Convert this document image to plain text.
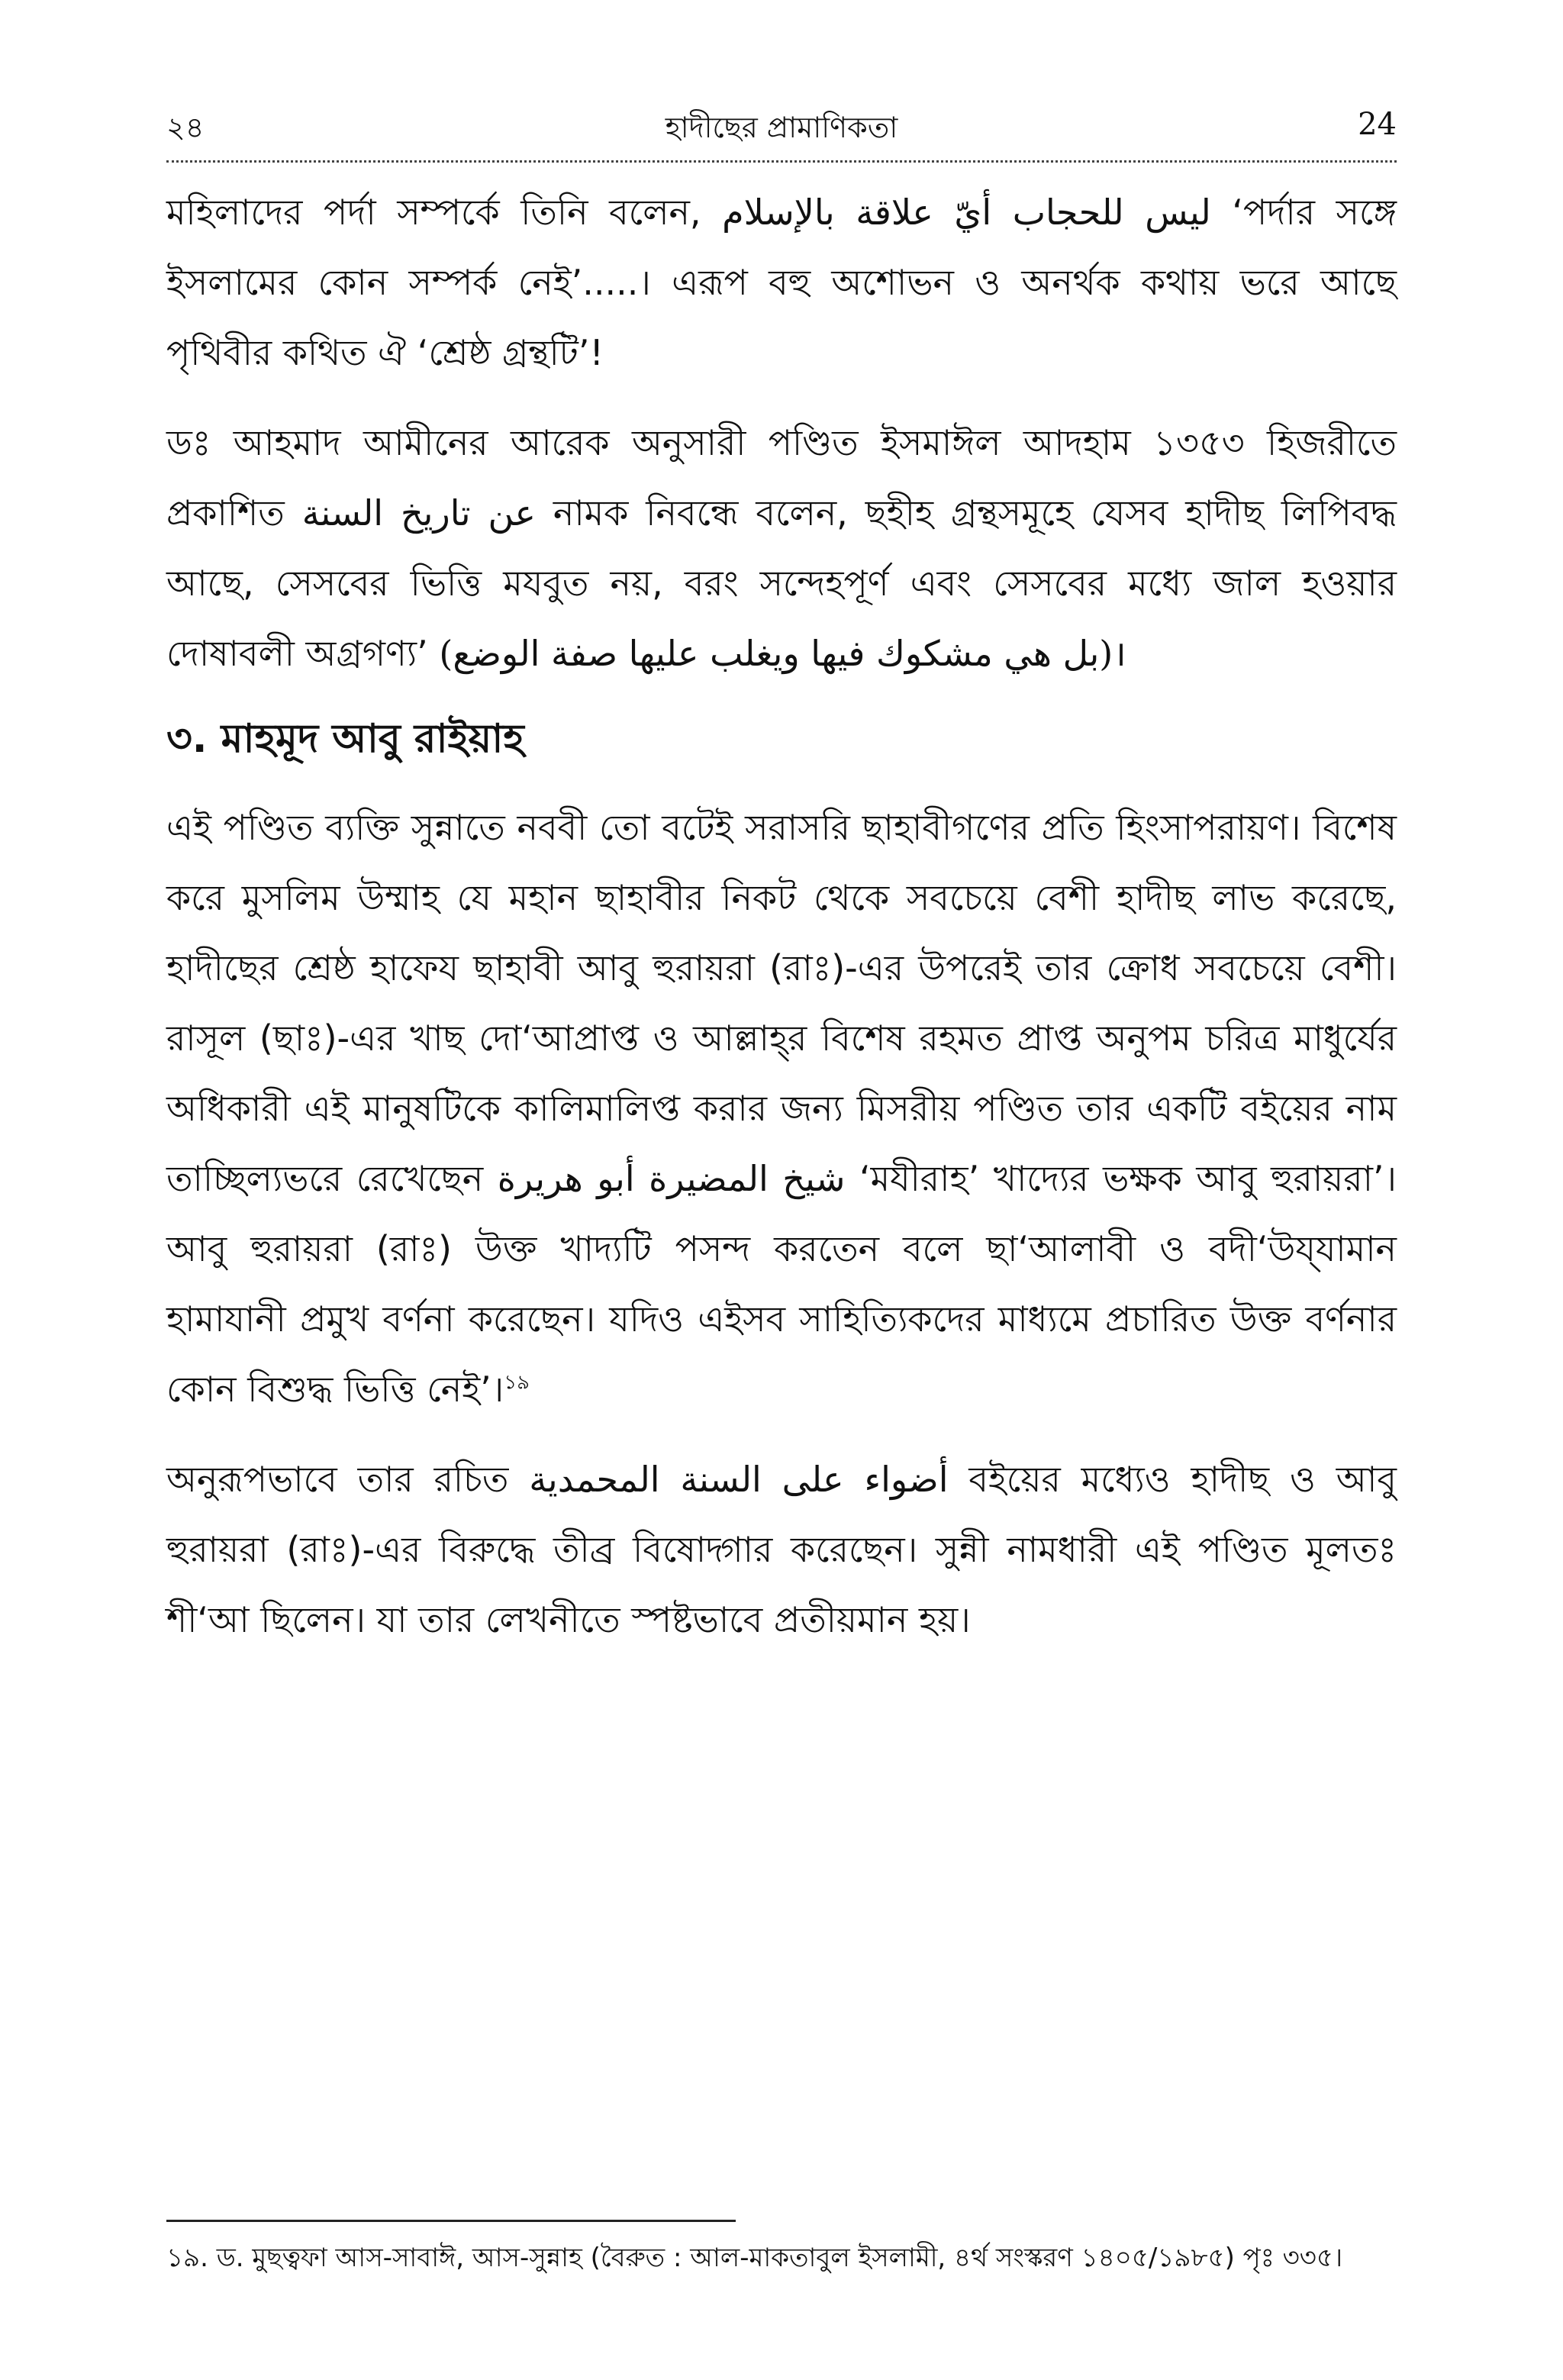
২৪	হাদীছের প্রামাণিকতা	24

মহিলাদের পর্দা সম্পর্কে তিনি বলেন, ليس للحجاب أيّ علاقة بالإسلام ‘পর্দার সঙ্গে ইসলামের কোন সম্পর্ক নেই’.....। এরূপ বহু অশোভন ও অনর্থক কথায় ভরে আছে পৃথিবীর কথিত ঐ ‘শ্রেষ্ঠ গ্রন্থটি’!

ডঃ আহমাদ আমীনের আরেক অনুসারী পণ্ডিত ইসমাঈল আদহাম ১৩৫৩ হিজরীতে প্রকাশিত عن تاريخ السنة নামক নিবন্ধে বলেন, ছহীহ গ্রন্থসমূহে যেসব হাদীছ লিপিবদ্ধ আছে, সেসবের ভিত্তি মযবুত নয়, বরং সন্দেহপূর্ণ এবং সেসবের মধ্যে জাল হওয়ার দোষাবলী অগ্রগণ্য’ (بل هي مشكوك فيها ويغلب عليها صفة الوضع)।

৩. মাহমূদ আবু রাইয়াহ

এই পণ্ডিত ব্যক্তি সুন্নাতে নববী তো বটেই সরাসরি ছাহাবীগণের প্রতি হিংসাপরায়ণ। বিশেষ করে মুসলিম উম্মাহ যে মহান ছাহাবীর নিকট থেকে সবচেয়ে বেশী হাদীছ লাভ করেছে, হাদীছের শ্রেষ্ঠ হাফেয ছাহাবী আবু হুরায়রা (রাঃ)-এর উপরেই তার ক্রোধ সবচেয়ে বেশী। রাসূল (ছাঃ)-এর খাছ দো‘আপ্রাপ্ত ও আল্লাহ্‌র বিশেষ রহমত প্রাপ্ত অনুপম চরিত্র মাধুর্যের অধিকারী এই মানুষটিকে কালিমালিপ্ত করার জন্য মিসরীয় পণ্ডিত তার একটি বইয়ের নাম তাচ্ছিল্যভরে রেখেছেন شيخ المضيرة أبو هريرة ‘মযীরাহ’ খাদ্যের ভক্ষক আবু হুরায়রা’। আবু হুরায়রা (রাঃ) উক্ত খাদ্যটি পসন্দ করতেন বলে ছা‘আলাবী ও বদী‘উয্‌যামান হামাযানী প্রমুখ বর্ণনা করেছেন। যদিও এইসব সাহিত্যিকদের মাধ্যমে প্রচারিত উক্ত বর্ণনার কোন বিশুদ্ধ ভিত্তি নেই’।$^{১৯}$

অনুরূপভাবে তার রচিত أضواء على السنة المحمدية বইয়ের মধ্যেও হাদীছ ও আবু হুরায়রা (রাঃ)-এর বিরুদ্ধে তীব্র বিষোদ্গার করেছেন। সুন্নী নামধারী এই পণ্ডিত মূলতঃ শী‘আ ছিলেন। যা তার লেখনীতে স্পষ্টভাবে প্রতীয়মান হয়।

১৯. ড. মুছত্বফা আস-সাবাঈ, আস-সুন্নাহ (বৈরুত : আল-মাকতাবুল ইসলামী, ৪র্থ সংস্করণ ১৪০৫/১৯৮৫) পৃঃ ৩৩৫।
